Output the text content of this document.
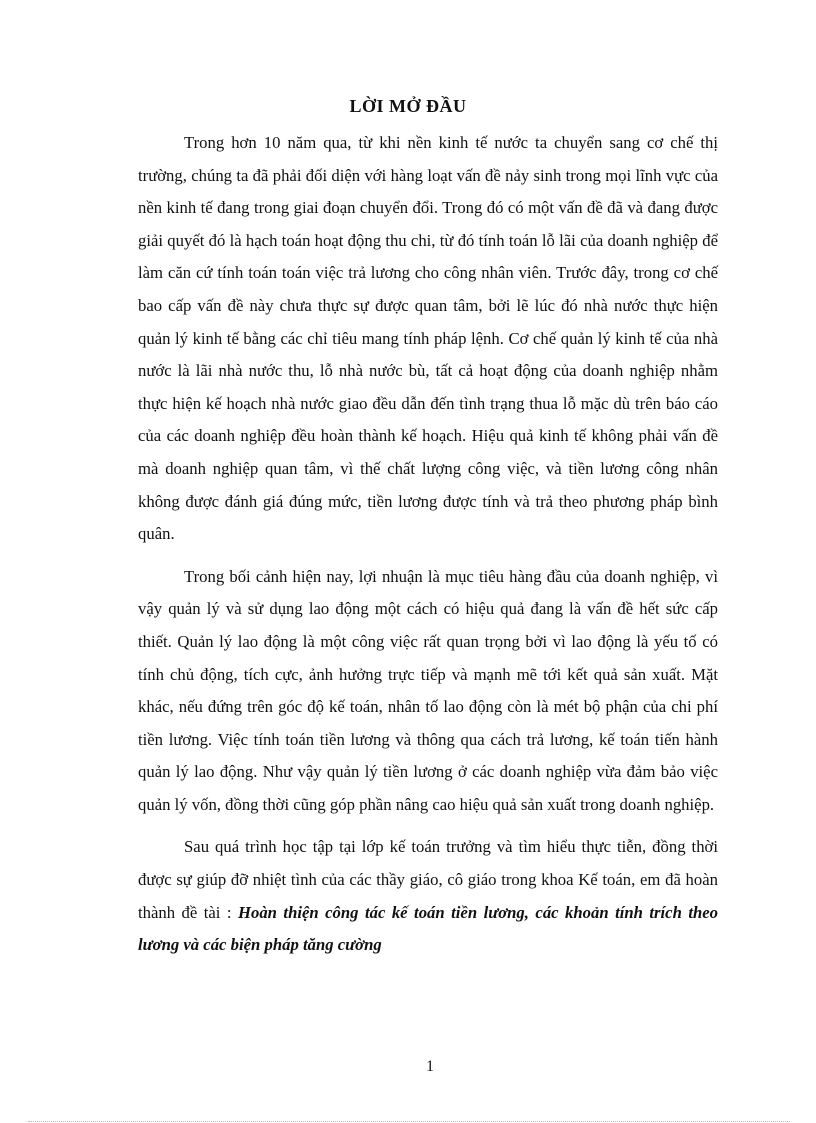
LỜI MỞ ĐẦU

Trong hơn 10 năm qua, từ khi nền kinh tế nước ta chuyển sang cơ chế thị trường, chúng ta đã phải đối diện với hàng loạt vấn đề nảy sinh trong mọi lĩnh vực của nền kinh tế đang trong giai đoạn chuyển đổi. Trong đó có một vấn đề đã và đang được giải quyết đó là hạch toán hoạt động thu chi, từ đó tính toán lỗ lãi của doanh nghiệp để làm căn cứ tính toán toán việc trả lương cho công nhân viên. Trước đây, trong cơ chế bao cấp vấn đề này chưa thực sự được quan tâm, bởi lẽ lúc đó nhà nước thực hiện quản lý kinh tế bằng các chỉ tiêu mang tính pháp lệnh. Cơ chế quản lý kinh tế của nhà nước là lãi nhà nước thu, lỗ nhà nước bù, tất cả hoạt động của doanh nghiệp nhằm thực hiện kế hoạch nhà nước giao đều dẫn đến tình trạng thua lỗ mặc dù trên báo cáo của các doanh nghiệp đều hoàn thành kế hoạch. Hiệu quả kinh tế không phải vấn đề mà doanh nghiệp quan tâm, vì thế chất lượng công việc, và tiền lương công nhân không được đánh giá đúng mức, tiền lương được tính và trả theo phương pháp bình quân.

Trong bối cảnh hiện nay, lợi nhuận là mục tiêu hàng đầu của doanh nghiệp, vì vậy quản lý và sử dụng lao động một cách có hiệu quả đang là vấn đề hết sức cấp thiết. Quản lý lao động là một công việc rất quan trọng bởi vì lao động là yếu tố có tính chủ động, tích cực, ảnh hưởng trực tiếp và mạnh mẽ tới kết quả sản xuất. Mặt khác, nếu đứng trên góc độ kế toán, nhân tố lao động còn là mét bộ phận của chi phí tiền lương. Việc tính toán tiền lương và thông qua cách trả lương, kế toán tiến hành quản lý lao động. Như vậy quản lý tiền lương ở các doanh nghiệp vừa đảm bảo việc quản lý vốn, đồng thời cũng góp phần nâng cao hiệu quả sản xuất trong doanh nghiệp.

Sau quá trình học tập tại lớp kế toán trưởng và tìm hiểu thực tiễn, đồng thời được sự giúp đỡ nhiệt tình của các thầy giáo, cô giáo trong khoa Kế toán, em đã hoàn thành đề tài : Hoàn thiện công tác kế toán tiền lương, các khoản tính trích theo lương và các biện pháp tăng cường

1
